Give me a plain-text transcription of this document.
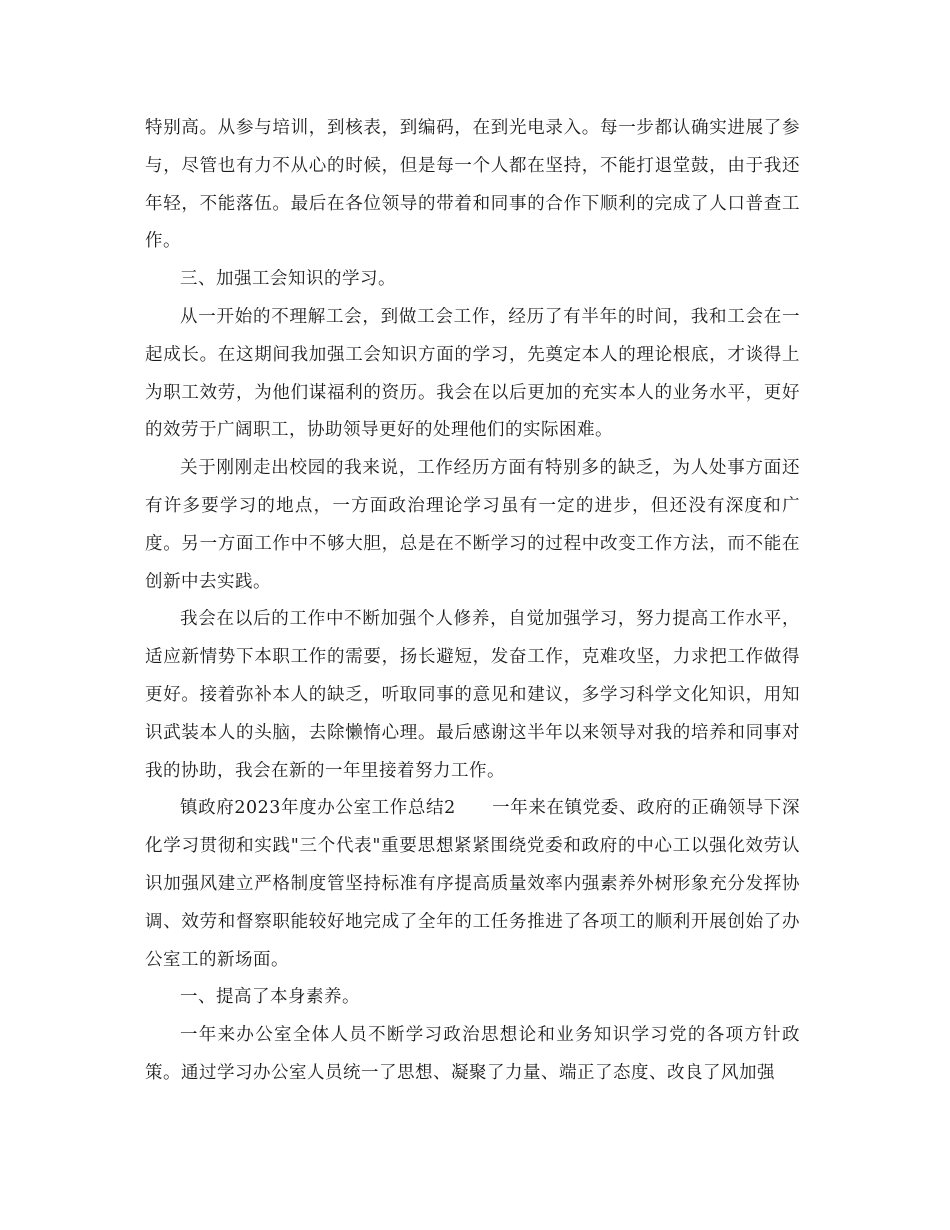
特别高。从参与培训，到核表，到编码，在到光电录入。每一步都认确实进展了参与，尽管也有力不从心的时候，但是每一个人都在坚持，不能打退堂鼓，由于我还年轻，不能落伍。最后在各位领导的带着和同事的合作下顺利的完成了人口普查工作。

三、加强工会知识的学习。

从一开始的不理解工会，到做工会工作，经历了有半年的时间，我和工会在一起成长。在这期间我加强工会知识方面的学习，先奠定本人的理论根底，才谈得上为职工效劳，为他们谋福利的资历。我会在以后更加的充实本人的业务水平，更好的效劳于广阔职工，协助领导更好的处理他们的实际困难。

关于刚刚走出校园的我来说，工作经历方面有特别多的缺乏，为人处事方面还有许多要学习的地点，一方面政治理论学习虽有一定的进步，但还没有深度和广度。另一方面工作中不够大胆，总是在不断学习的过程中改变工作方法，而不能在创新中去实践。

我会在以后的工作中不断加强个人修养，自觉加强学习，努力提高工作水平，适应新情势下本职工作的需要，扬长避短，发奋工作，克难攻坚，力求把工作做得更好。接着弥补本人的缺乏，听取同事的意见和建议，多学习科学文化知识，用知识武装本人的头脑，去除懒惰心理。最后感谢这半年以来领导对我的培养和同事对我的协助，我会在新的一年里接着努力工作。

镇政府2023年度办公室工作总结2　　一年来在镇党委、政府的正确领导下深化学习贯彻和实践"三个代表"重要思想紧紧围绕党委和政府的中心工以强化效劳认识加强风建立严格制度管坚持标准有序提高质量效率内强素养外树形象充分发挥协调、效劳和督察职能较好地完成了全年的工任务推进了各项工的顺利开展创始了办公室工的新场面。

一、提高了本身素养。

一年来办公室全体人员不断学习政治思想论和业务知识学习党的各项方针政策。通过学习办公室人员统一了思想、凝聚了力量、端正了态度、改良了风加强
